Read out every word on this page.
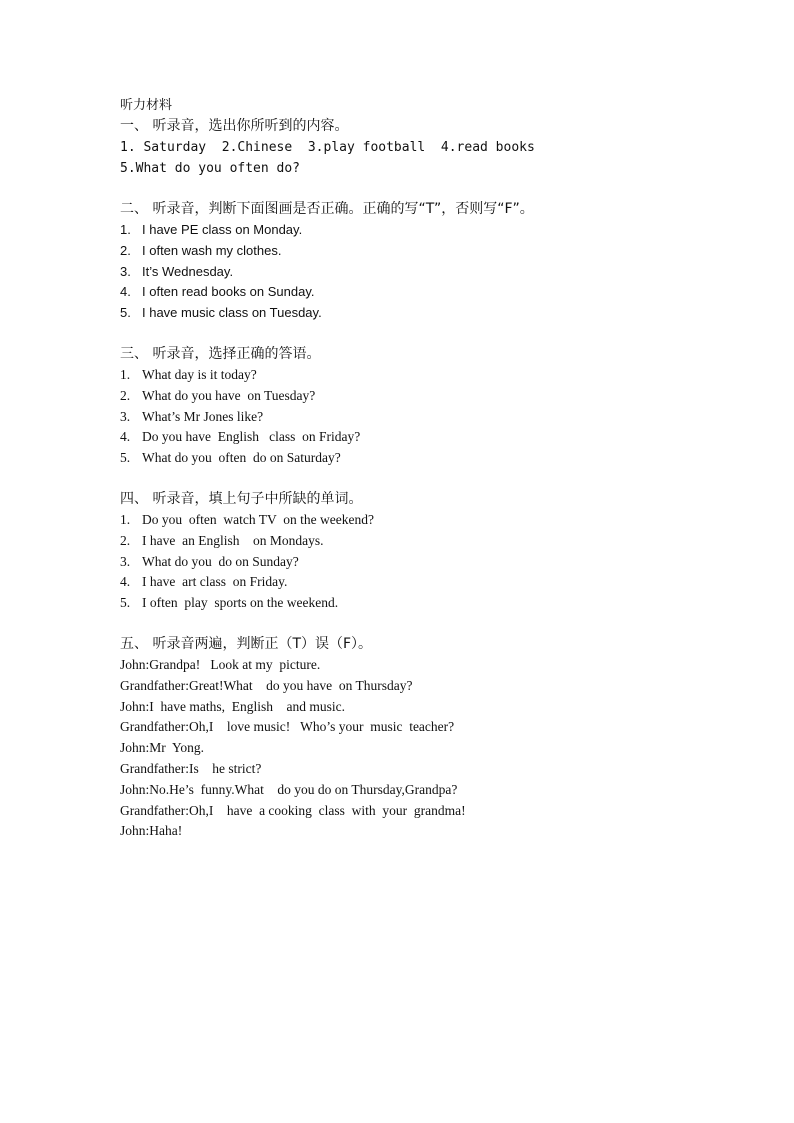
听力材料
一、 听录音，选出你所听到的内容。
1. Saturday  2.Chinese  3.play football  4.read books
5.What do you often do?
二、 听录音，判断下面图画是否正确。正确的写“T”，否则写“F”。
1. I have PE class on Monday.
2. I often wash my clothes.
3. It’s Wednesday.
4. I often read books on Sunday.
5. I have music class on Tuesday.
三、 听录音，选择正确的答语。
1. What day is it today?
2. What do you have  on Tuesday?
3. What’s Mr Jones like?
4. Do you have  English   class  on Friday?
5. What do you  often  do on Saturday?
四、 听录音，填上句子中所缺的单词。
1. Do you  often  watch TV  on the weekend?
2. I have  an English    on Mondays.
3. What do you  do on Sunday?
4. I have  art class  on Friday.
5. I often  play  sports on the weekend.
五、 听录音两遍，判断正（T）误（F）。
John:Grandpa!   Look at my  picture.
Grandfather:Great!What    do you have  on Thursday?
John:I  have maths,  English    and music.
Grandfather:Oh,I    love music!   Who’s your  music  teacher?
John:Mr  Yong.
Grandfather:Is    he strict?
John:No.He’s  funny.What    do you do on Thursday,Grandpa?
Grandfather:Oh,I    have  a cooking  class  with  your  grandma!
John:Haha!
